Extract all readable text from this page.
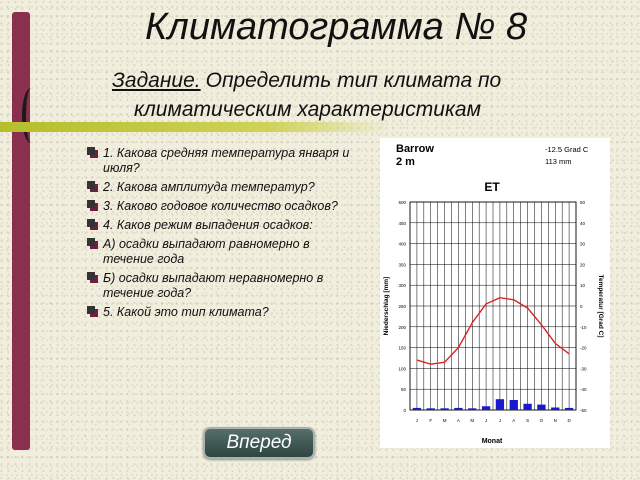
Климатограмма № 8
Задание. Определить тип климата по
климатическим характеристикам
1. Какова средняя температура января и июля?
2. Какова амплитуда температур?
3. Каково годовое количество осадков?
4. Каков режим выпадения осадков:
А) осадки выпадают равномерно в течение года
Б) осадки выпадают неравномерно в течение года?
5. Какой это тип климата?
Barrow
2 m
-12.5 Grad C
113 mm
ET
Monat
Niederschlag [mm]	Temperatur [Grad C]
0	-50
50	-40
100	-30
150	-20
200	-10
250	0
300	10
350	20
400	30
450	40
500	50
J	F M A M J	J A S O N D
Вперед
